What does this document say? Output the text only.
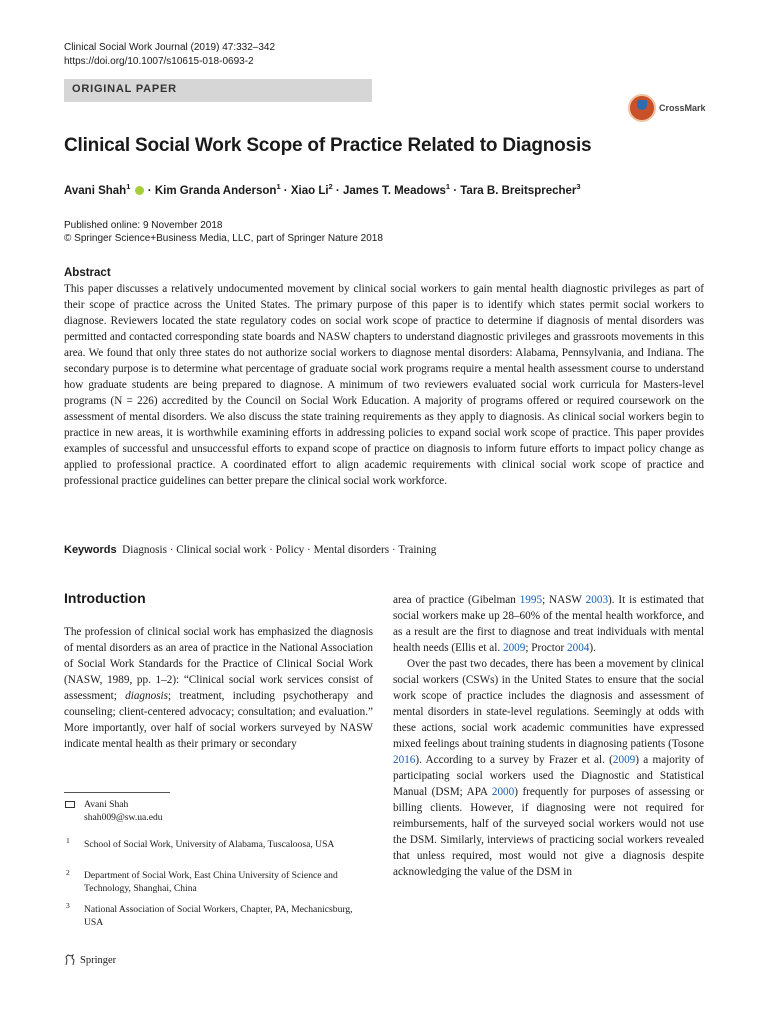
Clinical Social Work Journal (2019) 47:332–342
https://doi.org/10.1007/s10615-018-0693-2
ORIGINAL PAPER
CrossMark
Clinical Social Work Scope of Practice Related to Diagnosis
Avani Shah$^1$  · Kim Granda Anderson$^1$ · Xiao $Li^2$ · James T. Meadows$^1$ · Tara B. Breitsprecher$^3$
Published online: 9 November 2018
© Springer Science+Business Media, LLC, part of Springer Nature 2018
Abstract
This paper discusses a relatively undocumented movement by clinical social workers to gain mental health diagnostic privileges as part of their scope of practice across the United States. The primary purpose of this paper is to identify which states permit social workers to diagnose. Reviewers located the state regulatory codes on social work scope of practice to determine if diagnosis of mental disorders was permitted and contacted corresponding state boards and NASW chapters to understand diagnostic privileges and grassroots movements in this area. We found that only three states do not authorize social workers to diagnose mental disorders: Alabama, Pennsylvania, and Indiana. The secondary purpose is to determine what percentage of graduate social work programs require a mental health assessment course to understand how graduate students are being prepared to diagnose. A minimum of two reviewers evaluated social work curricula for Masters-level programs (N = 226) accredited by the Council on Social Work Education. A majority of programs offered or required coursework on the assessment of mental disorders. We also discuss the state training requirements as they apply to diagnosis. As clinical social workers begin to practice in new areas, it is worthwhile examining efforts in addressing policies to expand social work scope of practice. This paper provides examples of successful and unsuccessful efforts to expand scope of practice on diagnosis to inform future efforts to impact policy change as applied to professional practice. A coordinated effort to align academic requirements with clinical social work scope of practice and professional practice guidelines can better prepare the clinical social work workforce.
Keywords Diagnosis · Clinical social work · Policy · Mental disorders · Training
Introduction
The profession of clinical social work has emphasized the diagnosis of mental disorders as an area of practice in the National Association of Social Work Standards for the Practice of Clinical Social Work (NASW, 1989, pp. 1–2): “Clinical social work services consist of assessment; diagnosis; treatment, including psychotherapy and counseling; client-centered advocacy; consultation; and evaluation.” More importantly, over half of social workers surveyed by NASW indicate mental health as their primary or secondary

area of practice (Gibelman 1995; NASW 2003). It is estimated that social workers make up 28–60% of the mental health workforce, and as a result are the first to diagnose and treat individuals with mental health needs (Ellis et al. 2009; Proctor 2004).

Over the past two decades, there has been a movement by clinical social workers (CSWs) in the United States to ensure that the social work scope of practice includes the diagnosis and assessment of mental disorders in state-level regulations. Seemingly at odds with these actions, social work academic communities have expressed mixed feelings about training students in diagnosing patients (Tosone 2016). According to a survey by Frazer et al. (2009) a majority of participating social workers used the Diagnostic and Statistical Manual (DSM; APA 2000) frequently for purposes of assessing or billing clients. However, if diagnosing were not required for reimbursements, half of the surveyed social workers would not use the DSM. Similarly, interviews of practicing social workers revealed that unless required, most would not give a diagnosis despite acknowledging the value of the DSM in

Avani Shah
shah009@sw.ua.edu
1 School of Social Work, University of Alabama, Tuscaloosa, USA
2 Department of Social Work, East China University of Science and Technology, Shanghai, China
3 National Association of Social Workers, Chapter, PA, Mechanicsburg, USA
Springer
